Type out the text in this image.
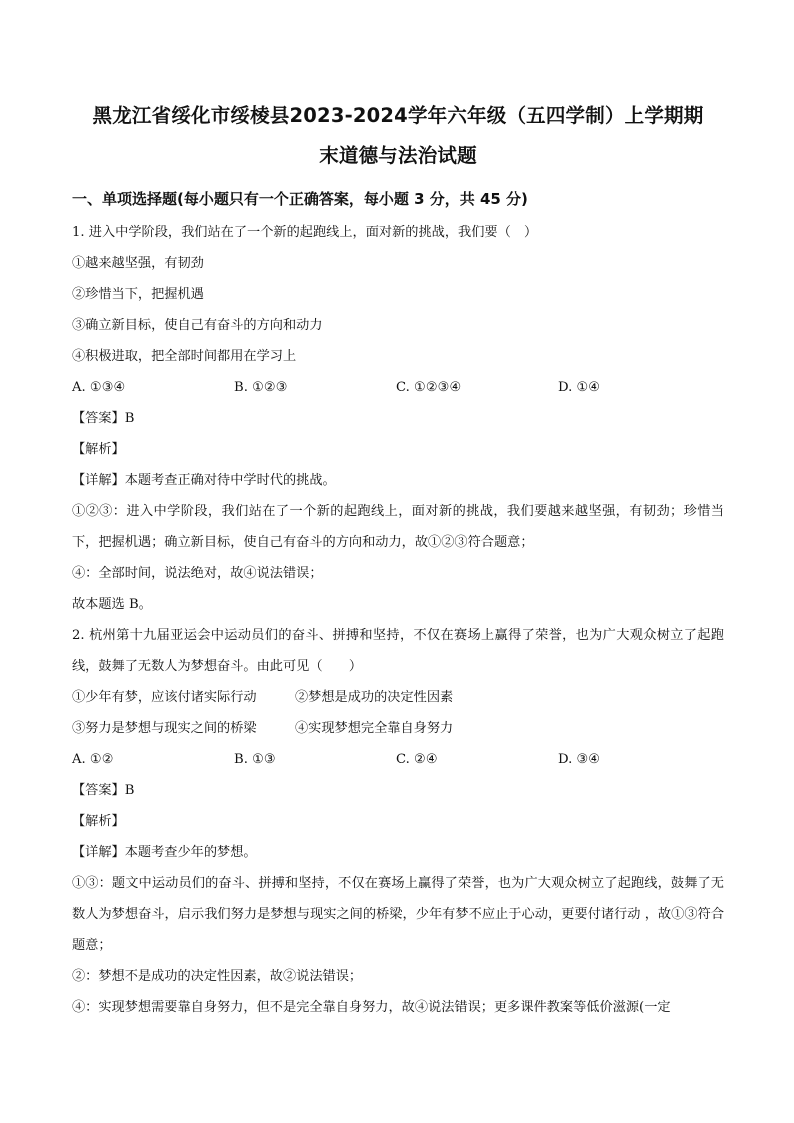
黑龙江省绥化市绥棱县2023-2024学年六年级（五四学制）上学期期
末道德与法治试题
一、单项选择题(每小题只有一个正确答案，每小题 3 分，共 45 分)
1. 进入中学阶段，我们站在了一个新的起跑线上，面对新的挑战，我们要（　）
①越来越坚强，有韧劲
②珍惜当下，把握机遇
③确立新目标，使自己有奋斗的方向和动力
④积极进取，把全部时间都用在学习上
A. ①③④	B. ①②③	C. ①②③④	D. ①④
【答案】B
【解析】
【详解】本题考查正确对待中学时代的挑战。
①②③：进入中学阶段，我们站在了一个新的起跑线上，面对新的挑战，我们要越来越坚强，有韧劲；珍惜当下，把握机遇；确立新目标，使自己有奋斗的方向和动力，故①②③符合题意；
④：全部时间，说法绝对，故④说法错误；
故本题选 B。
2. 杭州第十九届亚运会中运动员们的奋斗、拼搏和坚持，不仅在赛场上赢得了荣誉，也为广大观众树立了起跑线，鼓舞了无数人为梦想奋斗。由此可见（　　）
①少年有梦，应该付诸实际行动	②梦想是成功的决定性因素
③努力是梦想与现实之间的桥梁	④实现梦想完全靠自身努力
A. ①②	B. ①③	C. ②④	D. ③④
【答案】B
【解析】
【详解】本题考查少年的梦想。
①③：题文中运动员们的奋斗、拼搏和坚持，不仅在赛场上赢得了荣誉，也为广大观众树立了起跑线，鼓舞了无数人为梦想奋斗，启示我们努力是梦想与现实之间的桥梁，少年有梦不应止于心动，更要付诸行动 ，故①③符合题意；
②：梦想不是成功的决定性因素，故②说法错误；
④：实现梦想需要靠自身努力，但不是完全靠自身努力，故④说法错误；更多课件教案等低价滋源(一定
